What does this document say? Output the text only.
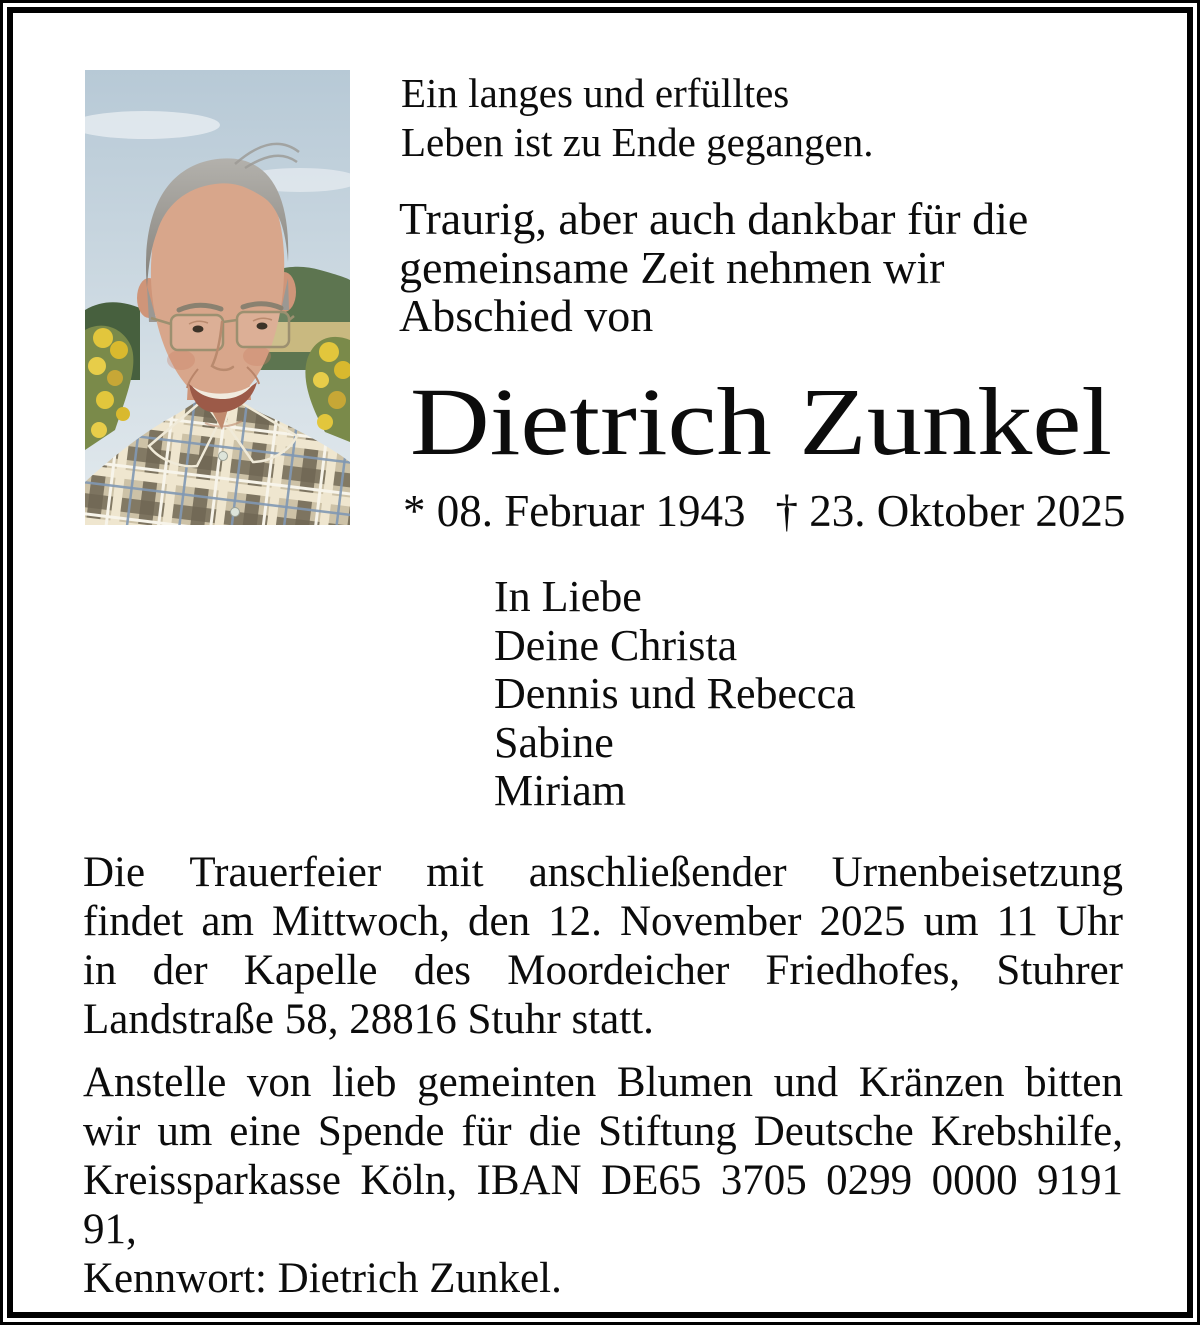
Ein langes und erfülltes
Leben ist zu Ende gegangen.
Traurig, aber auch dankbar für die
gemeinsame Zeit nehmen wir
Abschied von
Dietrich Zunkel
* 08. Februar 1943 † 23. Oktober 2025
In Liebe
Deine Christa
Dennis und Rebecca
Sabine
Miriam
Die Trauerfeier mit anschließender Urnenbeisetzung
findet am Mittwoch, den 12. November 2025 um 11 Uhr
in der Kapelle des Moordeicher Friedhofes, Stuhrer
Landstraße 58, 28816 Stuhr statt.
Anstelle von lieb gemeinten Blumen und Kränzen bitten
wir um eine Spende für die Stiftung Deutsche Krebshilfe,
Kreissparkasse Köln, IBAN DE65 3705 0299 0000 9191 91,
Kennwort: Dietrich Zunkel.
